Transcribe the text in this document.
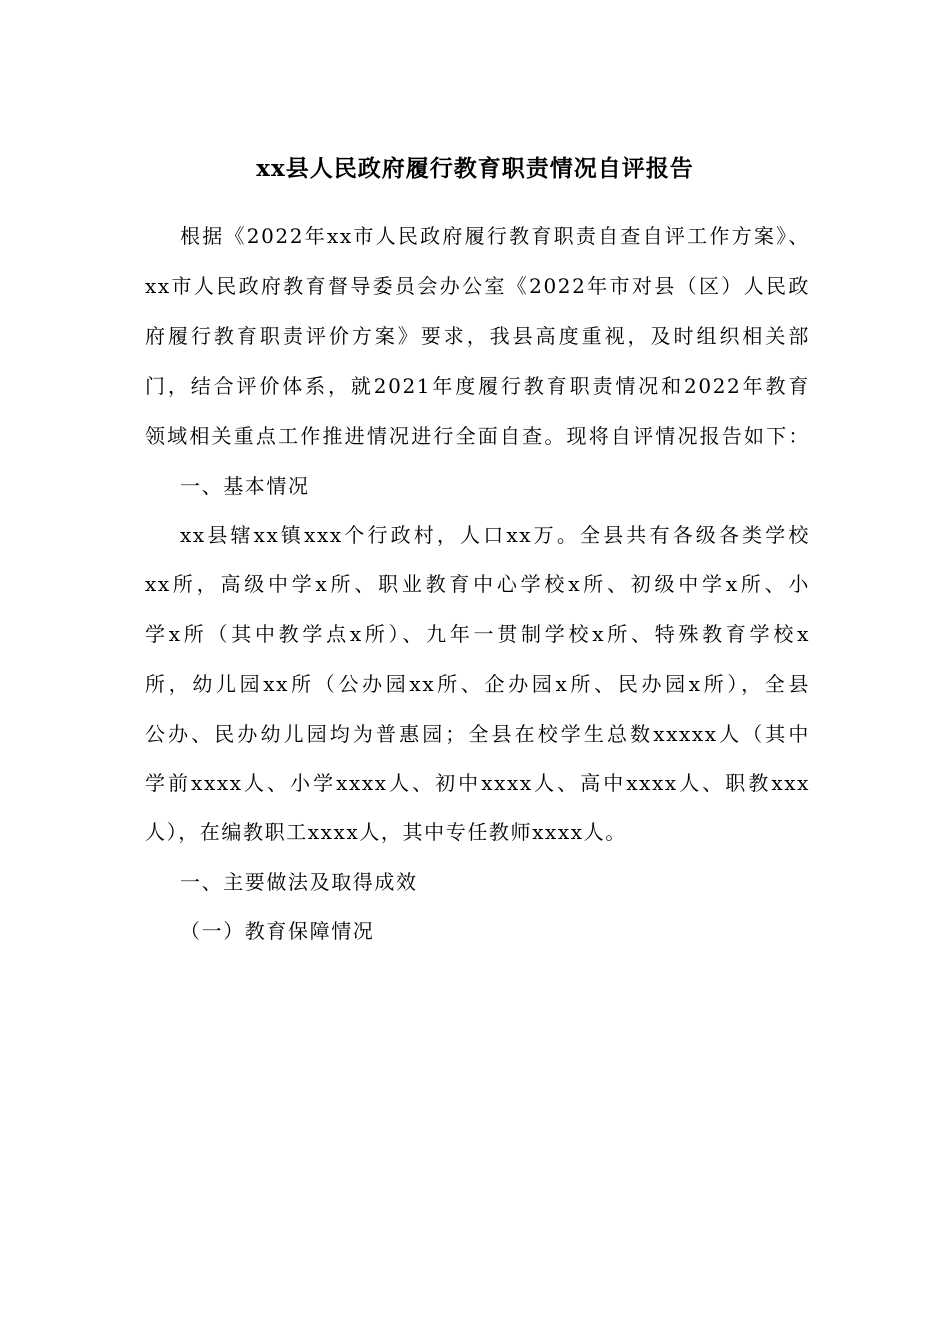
xx县人民政府履行教育职责情况自评报告
根据《2022年xx市人民政府履行教育职责自查自评工作方案》、
xx市人民政府教育督导委员会办公室《2022年市对县（区）人民政
府履行教育职责评价方案》要求，我县高度重视，及时组织相关部
门，结合评价体系，就2021年度履行教育职责情况和2022年教育
领域相关重点工作推进情况进行全面自查。现将自评情况报告如下：
一、基本情况
xx县辖xx镇xxx个行政村，人口xx万。全县共有各级各类学校
xx所，高级中学x所、职业教育中心学校x所、初级中学x所、小
学x所（其中教学点x所）、九年一贯制学校x所、特殊教育学校x
所，幼儿园xx所（公办园xx所、企办园x所、民办园x所），全县
公办、民办幼儿园均为普惠园；全县在校学生总数xxxxx人（其中
学前xxxx人、小学xxxx人、初中xxxx人、高中xxxx人、职教xxx
人），在编教职工xxxx人，其中专任教师xxxx人。
一、主要做法及取得成效
（一）教育保障情况
